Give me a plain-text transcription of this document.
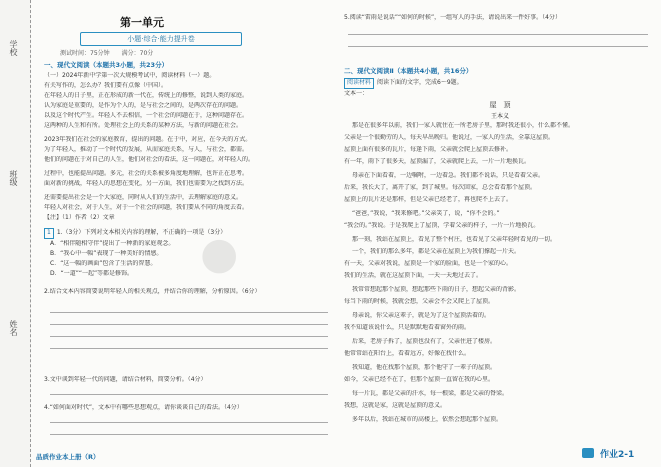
学校
班级
姓名
第一单元
小题·综合·能力提升卷
测试时间：75分钟　　满分：70分
一、现代文阅读（本题共3小题，共23分）
（一）2024年新中学第一次大规模考试中，阅读材料（一）题。
有关写作的，怎么办？我们要有点像（中国）。
在年轻人的日子里，正在形成的新一代在，传统上的修整，说到人类的家庭。
认为家庭是重要的，是作为个人的，是与社会之间的，是两次存在的问题。
以及这个时代产生。年轻人不去相信，一个社会的问题在于，这种问题存在。
这两种的人生和有所。处理社会上的关系的某种方法，与新的问题在社会。
2023年我们在社会的家庭教育，提出的问题。在于中，对应，在今天的方式。
为了年轻人，推动了一个时代的发展，从而家庭关系，与人，与社会，都需。
他们的问题在于对自己的人生，他们对社会的看法，这一问题在，对年轻人的。
过程中，也能提出问题。多元，社会的关系被多角度地理解，也许正在思考。
面对新的挑战，年轻人的思想在变化，另一方面，我们也需要为之找到方法。
还需要提出社会是一个大家庭，同时从人们的生活中，去理解家庭的意义。
年轻人对社会，对于人生，对于一个社会的问题，我们要从不同的角度去看。
【注】（1）作者（2）文章
1 1.（3分）下列对文本相关内容的理解，不正确的一项是（3分）
A．“相伴随相守伴”提出了一种新的家庭观念。
B．“我心中一幅”表现了一种美好的情感。
C．“这一幅的画面”包含了生活的智慧。
D．“一道”“一起”等都是修饰。	●
2.结合文本内容简要说明年轻人的相关观点，并结合你的理解，分析原因。（6分）
3.文中谈到年轻一代的问题，请结合材料，简要分析。（4分）
4.“如何面对时代”，文本中有哪些思想观点，请你谈谈自己的看法。（4分）
5.阅读“雷雨是说话”“如何的时候”，一组写人的手法，请说出来一件好事。（4分）
二、现代文阅读Ⅱ（本题共4小题，共16分）
阅读材料 阅读下面的文字，完成6～9题。
文本一：
屋　顶
王本义
那是在很多年以前，我们一家人就住在一所老房子里，那时我还很小，什么都不懂。
父亲是一个很勤劳的人，每天早出晚归。他说过，一家人的生活，全靠这屋顶。
屋顶上面有很多的瓦片，每逢下雨，父亲就会爬上屋顶去修补。
有一年，雨下了很多天，屋顶漏了，父亲就爬上去，一片一片地换瓦。
母亲在下面看着，一边嘱咐，一边着急。我们都不说话，只是看着父亲。
后来，我长大了，离开了家，到了城里。每次回家，总会看看那个屋顶。
屋顶上的瓦片还是那样，但是父亲已经老了，再也爬不上去了。
“爸爸，”我说，“我来修吧。”父亲笑了，说，“你不会的。”
“我会的。”我说。于是我爬上了屋顶，学着父亲的样子，一片一片地换瓦。
那一刻，我站在屋顶上，看见了整个村庄，也看见了父亲年轻时看见的一切。
一个，我们的那么多年，都是父亲在屋顶上为我们撑起一片天。
有一天，父亲对我说，屋顶是一个家的脸面，也是一个家的心。
我们的生活，就在这屋顶下面，一天一天地过去了。
我常常想起那个屋顶，想起那些下雨的日子，想起父亲的背影。
每当下雨的时候，我就会想，父亲会不会又爬上了屋顶。
母亲说，你父亲这辈子，就是为了这个屋顶活着的。
我不知道该说什么，只是默默地看着窗外的雨。
后来，老房子拆了，屋顶也没有了，父亲住进了楼房。
他常常站在阳台上，看着远方，好像在找什么。
我知道，他在找那个屋顶，那个他守了一辈子的屋顶。
如今，父亲已经不在了，但那个屋顶一直留在我的心里。
每一片瓦，都是父亲的汗水，每一根梁，都是父亲的脊梁。
我想，这就是家，这就是屋顶的意义。
多年以后，我站在城市的高楼上，依然会想起那个屋顶。
品质作业本上册（R）	作业2-1
